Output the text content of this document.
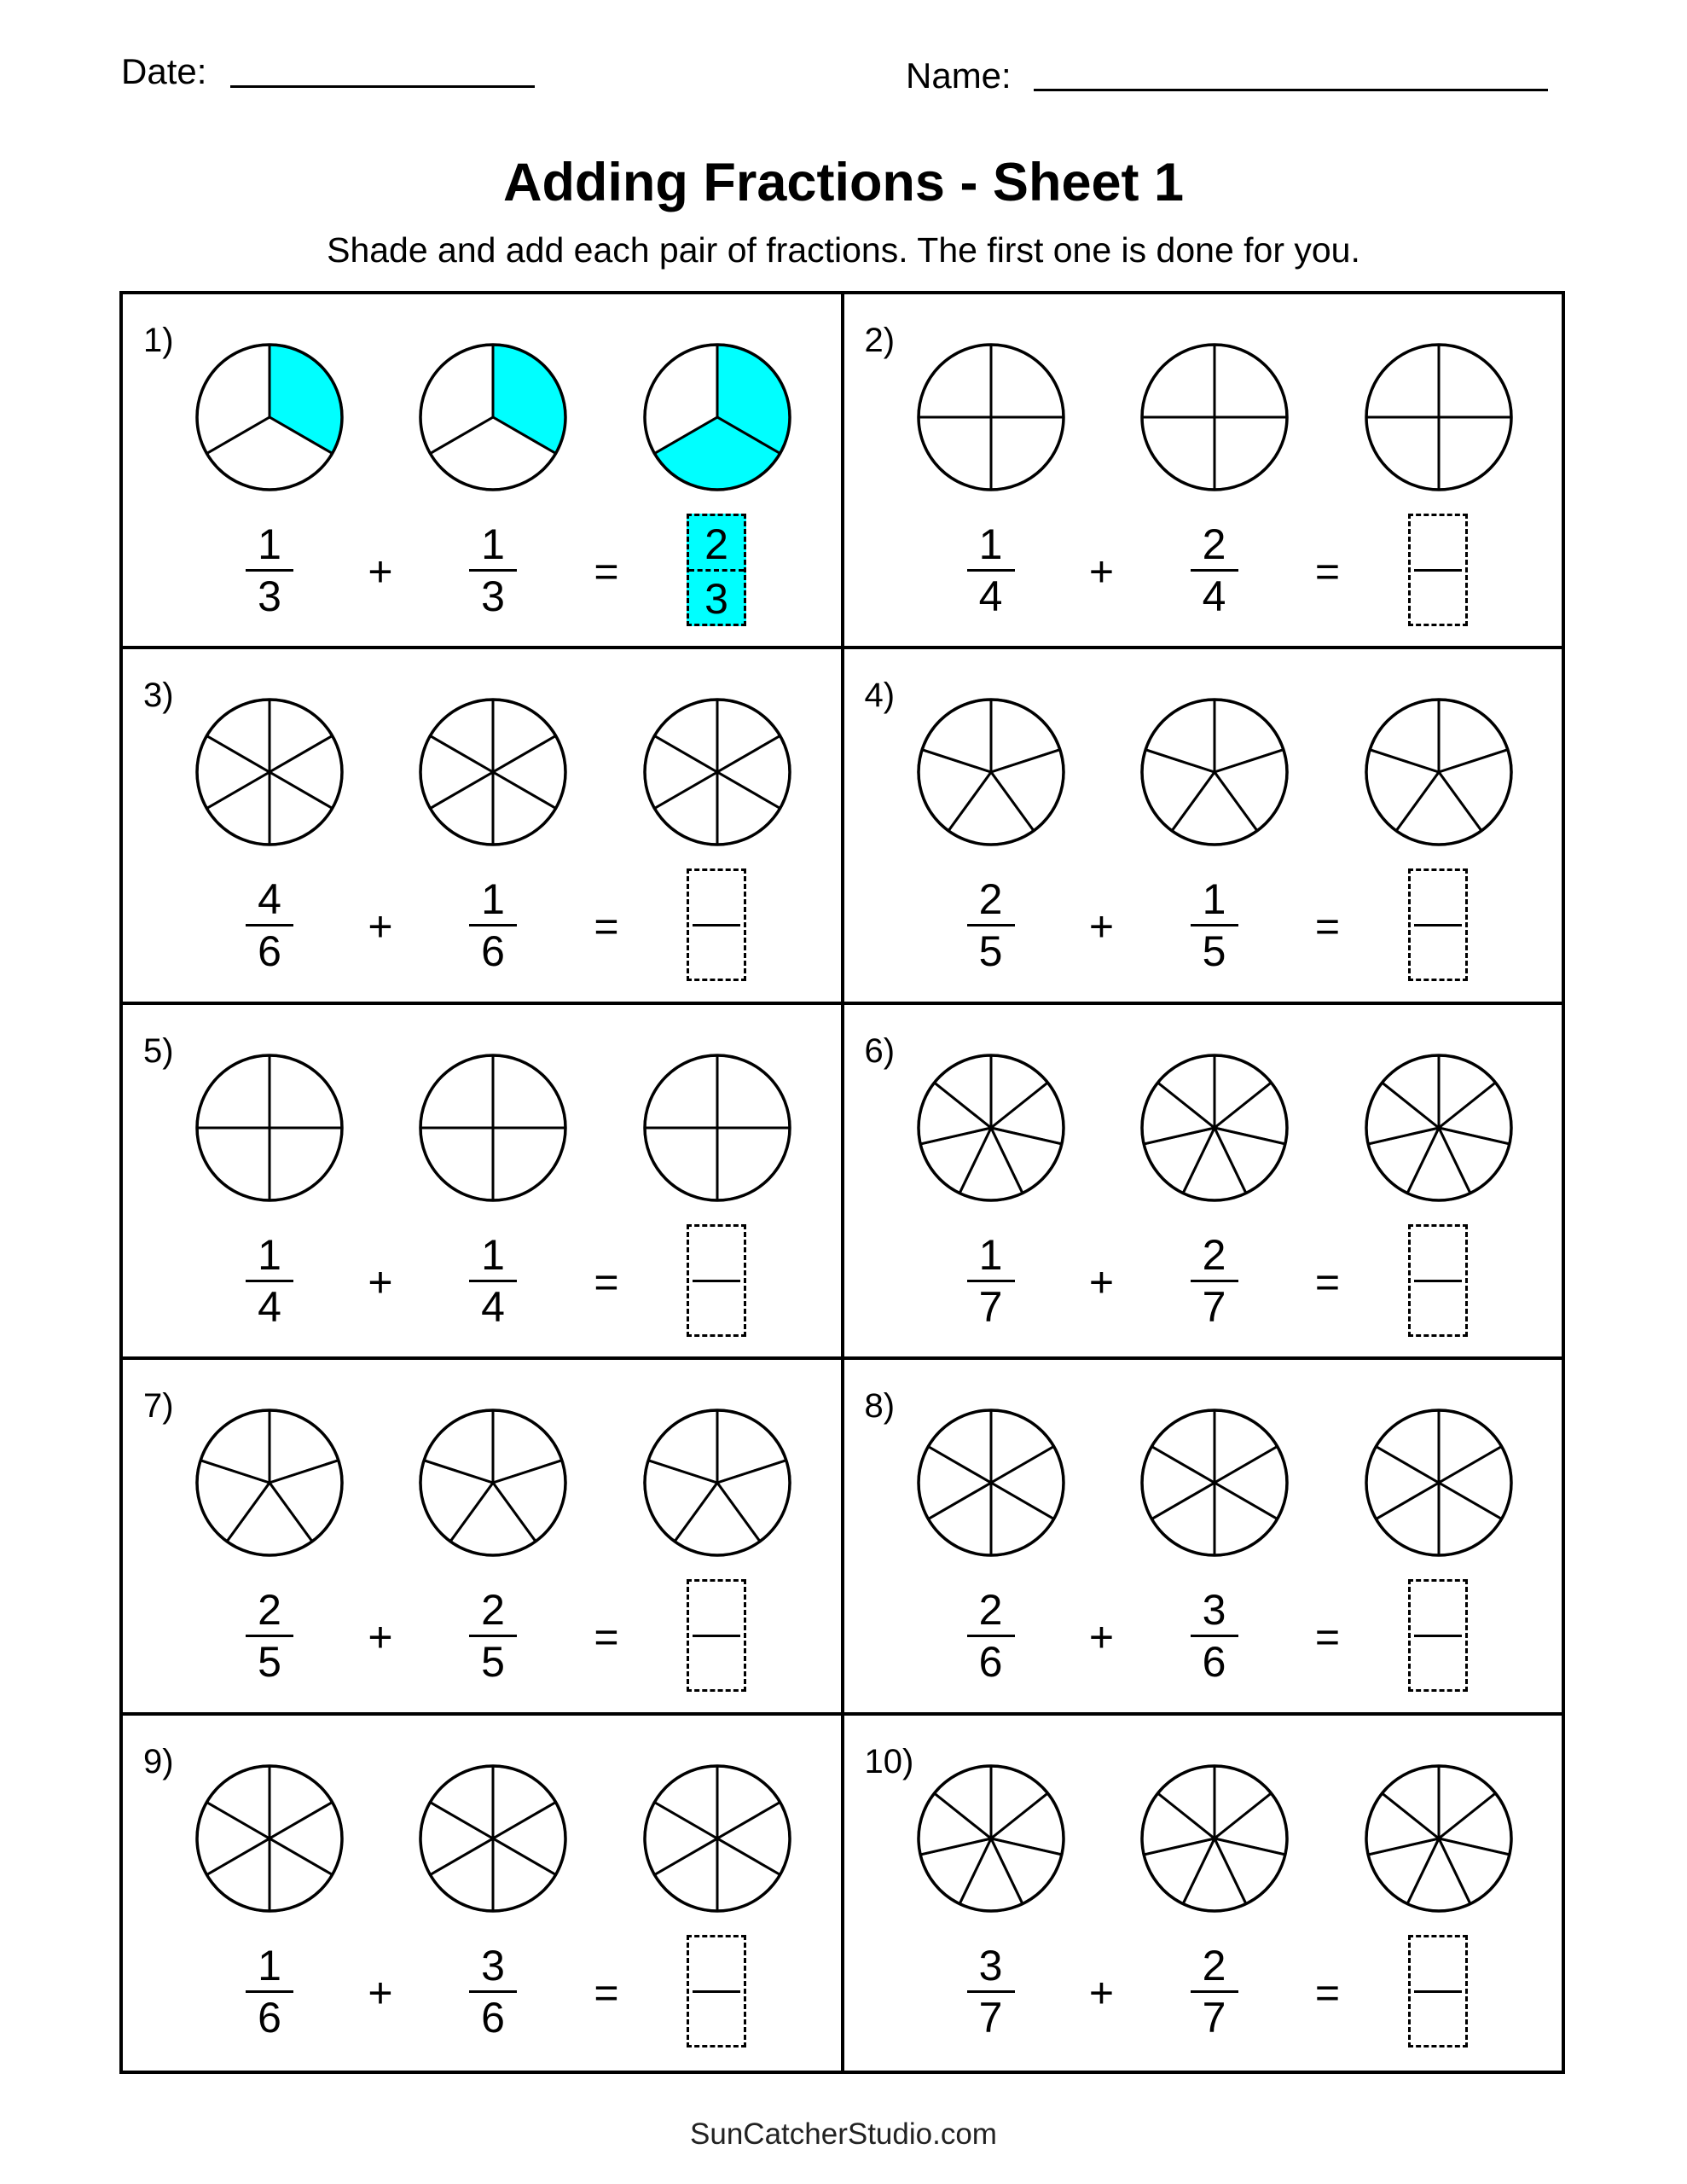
Date:	Name:
Adding Fractions - Sheet 1
Shade and add each pair of fractions. The first one is done for you.
1)
1
3
1
3
+	=
2
3
2)
1
4
2
4
+	=
3)
4
6
1
6
+	=
4)
2
5
1
5
+	=
5)
1
4
1
4
+	=
6)
1
7
2
7
+	=
7)
2
5
2
5
+	=
8)
2
6
3
6
+	=
9)
1
6
3
6
+	=
10)
3
7
2
7
+	=
SunCatcherStudio.com
